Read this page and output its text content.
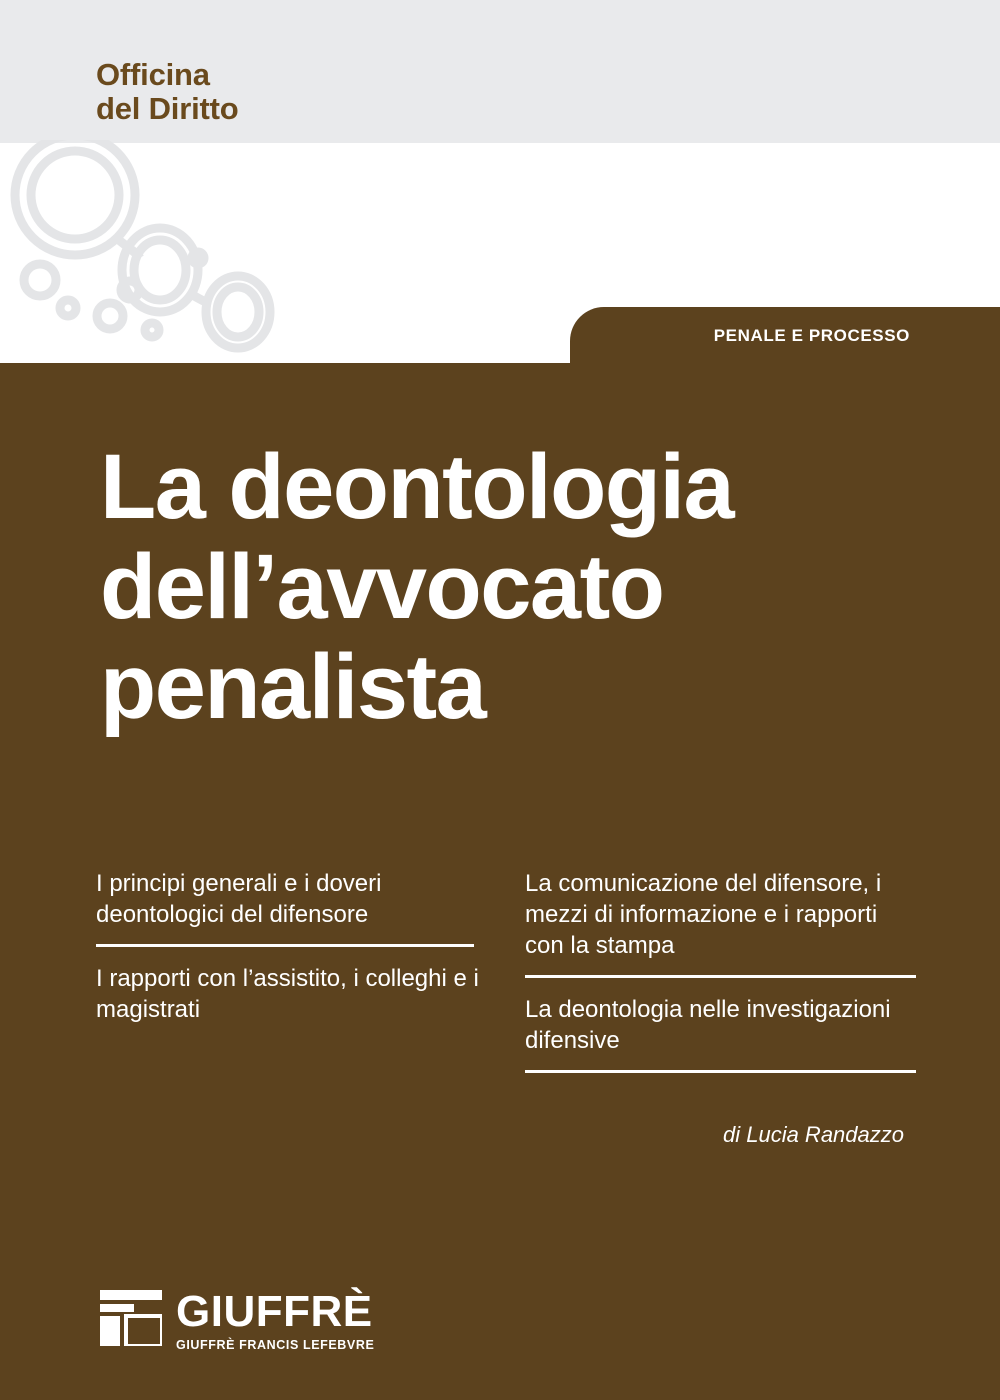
Officina
del Diritto
PENALE E PROCESSO
La deontologia
dell’avvocato
penalista

I principi generali e i doveri deontologici del difensore

I rapporti con l’assistito, i colleghi e i magistrati

La comunicazione del difensore, i mezzi di informazione e i rapporti con la stampa

La deontologia nelle investigazioni difensive

di Lucia Randazzo
GIUFFRÈ
GIUFFRÈ FRANCIS LEFEBVRE
